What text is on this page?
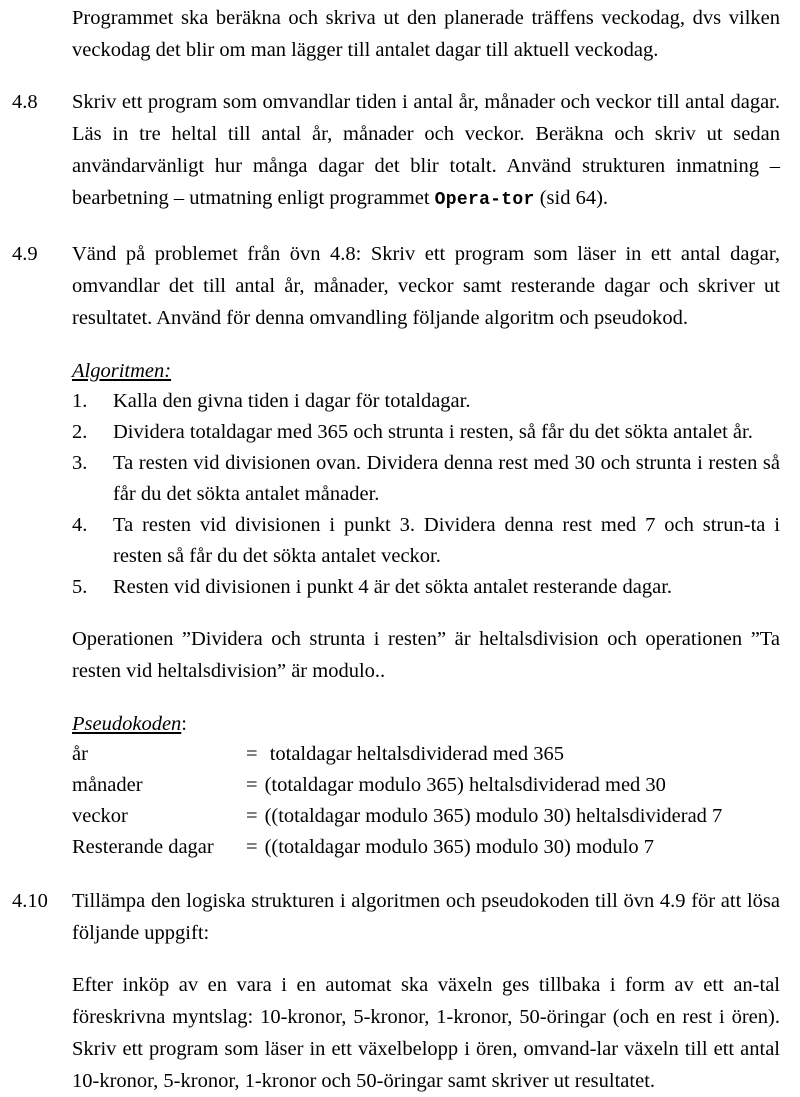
Programmet ska beräkna och skriva ut den planerade träffens veckodag, dvs vilken veckodag det blir om man lägger till antalet dagar till aktuell veckodag.

4.8	Skriv ett program som omvandlar tiden i antal år, månader och veckor till antal dagar. Läs in tre heltal till antal år, månader och veckor. Beräkna och skriv ut sedan användarvänligt hur många dagar det blir totalt. Använd strukturen inmatning – bearbetning – utmatning enligt programmet Opera-tor (sid 64).

4.9	Vänd på problemet från övn 4.8: Skriv ett program som läser in ett antal dagar, omvandlar det till antal år, månader, veckor samt resterande dagar och skriver ut resultatet. Använd för denna omvandling följande algoritm och pseudokod.

Algoritmen:
1. Kalla den givna tiden i dagar för totaldagar.
2. Dividera totaldagar med 365 och strunta i resten, så får du det sökta antalet år.
3. Ta resten vid divisionen ovan. Dividera denna rest med 30 och strunta i resten så får du det sökta antalet månader.
4. Ta resten vid divisionen i punkt 3. Dividera denna rest med 7 och strun-ta i resten så får du det sökta antalet veckor.
5. Resten vid divisionen i punkt 4 är det sökta antalet resterande dagar.

Operationen ”Dividera och strunta i resten” är heltalsdivision och operationen ”Ta resten vid heltalsdivision” är modulo..

Pseudokoden:
år	=	totaldagar heltalsdividerad med 365
månader	=	(totaldagar modulo 365) heltalsdividerad med 30
veckor	=	((totaldagar modulo 365) modulo 30) heltalsdividerad 7
Resterande dagar	=	((totaldagar modulo 365) modulo 30) modulo 7
4.10	Tillämpa den logiska strukturen i algoritmen och pseudokoden till övn 4.9 för att lösa följande uppgift:

Efter inköp av en vara i en automat ska växeln ges tillbaka i form av ett an-tal föreskrivna myntslag: 10-kronor, 5-kronor, 1-kronor, 50-öringar (och en rest i ören). Skriv ett program som läser in ett växelbelopp i ören, omvand-lar växeln till ett antal 10-kronor, 5-kronor, 1-kronor och 50-öringar samt skriver ut resultatet.
